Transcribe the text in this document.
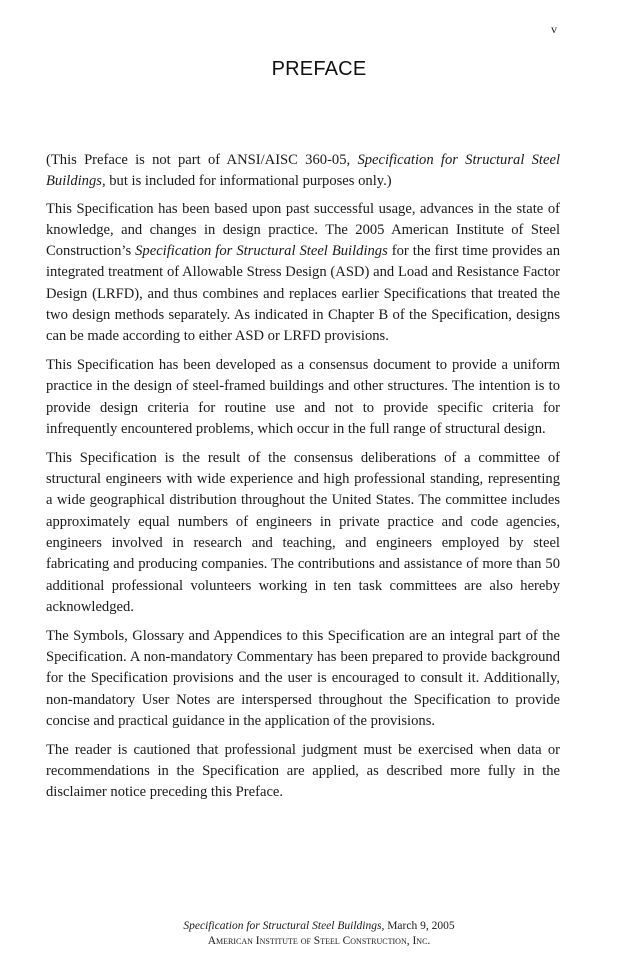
v
PREFACE

(This Preface is not part of ANSI/AISC 360-05, Specification for Structural Steel Buildings, but is included for informational purposes only.)

This Specification has been based upon past successful usage, advances in the state of knowledge, and changes in design practice. The 2005 American Institute of Steel Construction’s Specification for Structural Steel Buildings for the first time provides an integrated treatment of Allowable Stress Design (ASD) and Load and Resistance Factor Design (LRFD), and thus combines and replaces earlier Specifications that treated the two design methods separately. As indicated in Chapter B of the Specification, designs can be made according to either ASD or LRFD provisions.

This Specification has been developed as a consensus document to provide a uniform practice in the design of steel-framed buildings and other structures. The intention is to provide design criteria for routine use and not to provide specific criteria for infrequently encountered problems, which occur in the full range of structural design.

This Specification is the result of the consensus deliberations of a committee of structural engineers with wide experience and high professional standing, representing a wide geographical distribution throughout the United States. The committee includes approximately equal numbers of engineers in private practice and code agencies, engineers involved in research and teaching, and engineers employed by steel fabricating and producing companies. The contributions and assistance of more than 50 additional professional volunteers working in ten task committees are also hereby acknowledged.

The Symbols, Glossary and Appendices to this Specification are an integral part of the Specification. A non-mandatory Commentary has been prepared to provide background for the Specification provisions and the user is encouraged to consult it. Additionally, non-mandatory User Notes are interspersed throughout the Specification to provide concise and practical guidance in the application of the provisions.

The reader is cautioned that professional judgment must be exercised when data or recommendations in the Specification are applied, as described more fully in the disclaimer notice preceding this Preface.

Specification for Structural Steel Buildings, March 9, 2005
American Institute of Steel Construction, Inc.
